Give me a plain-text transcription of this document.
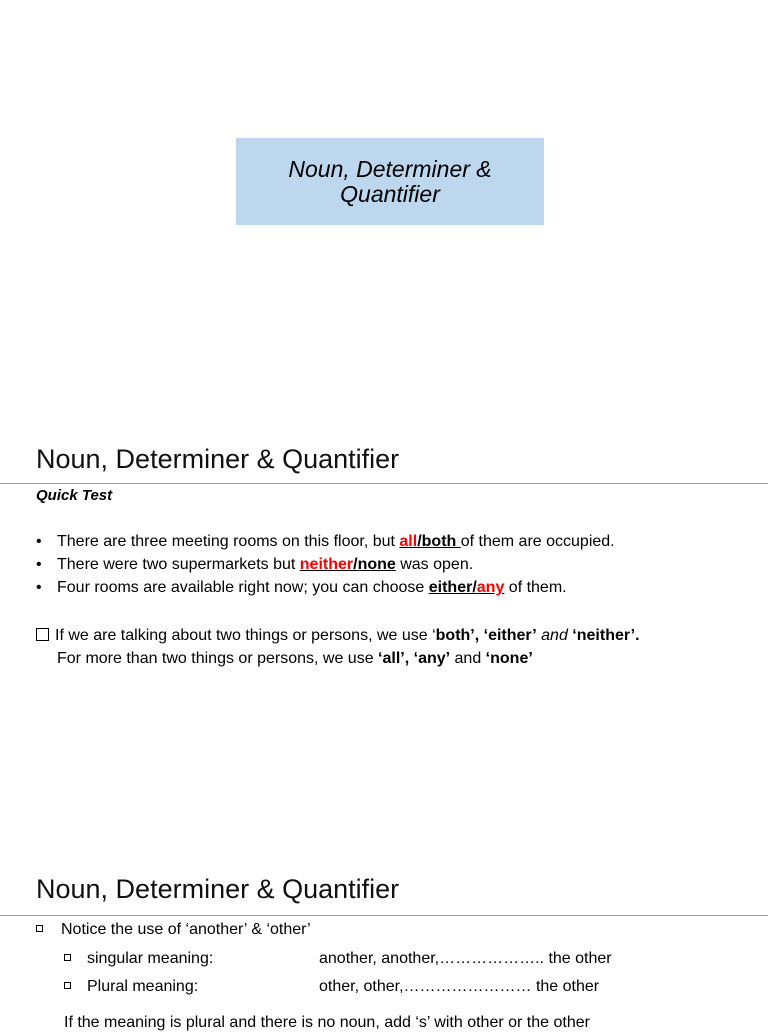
Noun, Determiner &
Quantifier
Noun, Determiner & Quantifier
Quick Test
• There are three meeting rooms on this floor, but all/both of them are occupied.
• There were two supermarkets but neither/none was open.
• Four rooms are available right now; you can choose either/any of them.
If we are talking about two things or persons, we use ‘both’, ‘either’ and ‘neither’.
For more than two things or persons, we use ‘all’, ‘any’ and ‘none’
Noun, Determiner & Quantifier
Notice the use of ‘another’ & ‘other’
singular meaning:	another, another,……………….. the other
Plural meaning:	other, other,…………………… the other
If the meaning is plural and there is no noun, add ‘s’ with other or the other
